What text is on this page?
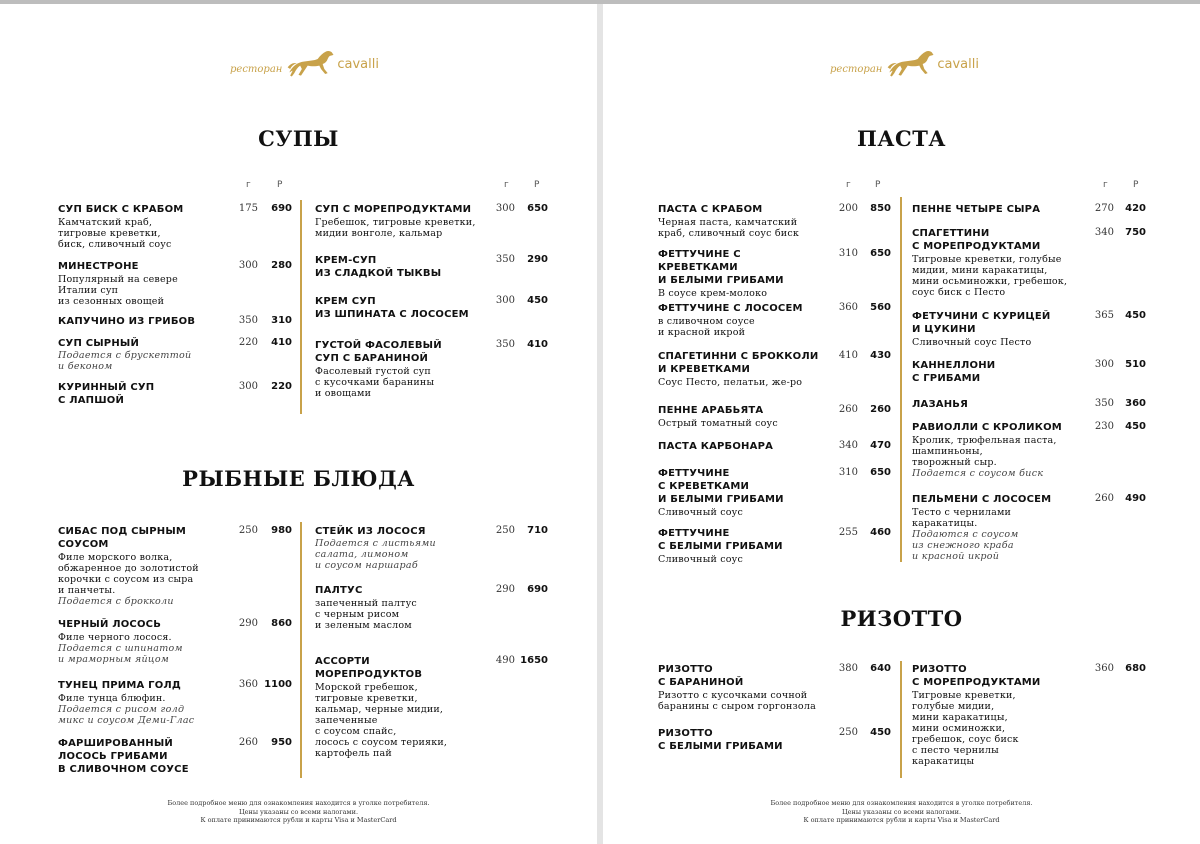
ресторан	cavalli
СУПЫ
г	Р	г	Р
РЫБНЫЕ БЛЮДА
Более подробное меню для ознакомления находится в уголке потребителя.
Цены указаны со всеми налогами.
К оплате принимаются рубли и карты Visa и MasterCard
СУП БИСК С КРАБОМ
Камчатский краб,
тигровые креветки,
биск, сливочный соус
175	690
МИНЕСТРОНЕ
Популярный на севере
Италии суп
из сезонных овощей
300	280
КАПУЧИНО ИЗ ГРИБОВ	350	310
СУП СЫРНЫЙ
Подается с брускеттой
и беконом
220	410
КУРИННЫЙ СУП
С ЛАПШОЙ
300	220
СУП С МОРЕПРОДУКТАМИ
Гребешок, тигровые креветки,
мидии вонголе, кальмар
300	650
КРЕМ-СУП
ИЗ СЛАДКОЙ ТЫКВЫ
350	290
КРЕМ СУП
ИЗ ШПИНАТА С ЛОСОСЕМ
300	450
ГУСТОЙ ФАСОЛЕВЫЙ
СУП С БАРАНИНОЙ
Фасолевый густой суп
с кусочками баранины
и овощами
350	410
СИБАС ПОД СЫРНЫМ
СОУСОМ
Филе морского волка,
обжаренное до золотистой
корочки с соусом из сыра
и панчеты.
Подается с брокколи
250	980
ЧЕРНЫЙ ЛОСОСЬ
Филе черного лосося.
Подается с шпинатом
и мраморным яйцом
290	860
ТУНЕЦ ПРИМА ГОЛД
Филе тунца блюфин.
Подается с рисом голд
микс и соусом Деми-Глас
360 1100
ФАРШИРОВАННЫЙ
ЛОСОСЬ ГРИБАМИ
В СЛИВОЧНОМ СОУСЕ
260	950
СТЕЙК ИЗ ЛОСОСЯ
Подается с листьями
салата, лимоном
и соусом наршараб
250	710
ПАЛТУС
запеченный палтус
с черным рисом
и зеленым маслом
290	690
АССОРТИ
МОРЕПРОДУКТОВ
Морской гребешок,
тигровые креветки,
кальмар, черные мидии,
запеченные
с соусом спайс,
лосось с соусом терияки,
картофель пай
490 1650
ресторан	cavalli
ПАСТА
г	Р	г	Р
РИЗОТТО
Более подробное меню для ознакомления находится в уголке потребителя.
Цены указаны со всеми налогами.
К оплате принимаются рубли и карты Visa и MasterCard
ПАСТА С КРАБОМ
Черная паста, камчатский
краб, сливочный соус биск
200	850
ФЕТТУЧИНЕ С КРЕВЕТКАМИ
И БЕЛЫМИ ГРИБАМИ
В соусе крем-молоко
310	650
ФЕТТУЧИНЕ С ЛОСОСЕМ
в сливочном соусе
и красной икрой
360	560
СПАГЕТИННИ С БРОККОЛИ
И КРЕВЕТКАМИ
Соус Песто, пелатьи, же-ро
410	430
ПЕННЕ АРАБЬЯТА
Острый томатный соус
260	260
ПАСТА КАРБОНАРА	340	470
ФЕТТУЧИНЕ
С КРЕВЕТКАМИ
И БЕЛЫМИ ГРИБАМИ
Сливочный соус
310	650
ФЕТТУЧИНЕ
С БЕЛЫМИ ГРИБАМИ
Сливочный соус
255	460
ПЕННЕ ЧЕТЫРЕ СЫРА	270	420
СПАГЕТТИНИ
С МОРЕПРОДУКТАМИ
Тигровые креветки, голубые
мидии, мини каракатицы,
мини осьминожки, гребешок,
соус биск с Песто
340	750
ФЕТУЧИНИ С КУРИЦЕЙ
И ЦУКИНИ
Сливочный соус Песто
365	450
КАННЕЛЛОНИ
С ГРИБАМИ
300	510
ЛАЗАНЬЯ	350	360
РАВИОЛЛИ С КРОЛИКОМ
Кролик, трюфельная паста,
шампиньоны,
творожный сыр.
Подается с соусом биск
230	450
ПЕЛЬМЕНИ С ЛОСОСЕМ
Тесто с чернилами
каракатицы.
Подаются с соусом
из снежного краба
и красной икрой
260	490
РИЗОТТО
С БАРАНИНОЙ
Ризотто с кусочками сочной
баранины с сыром горгонзола
380	640
РИЗОТТО
С БЕЛЫМИ ГРИБАМИ
250	450
РИЗОТТО
С МОРЕПРОДУКТАМИ
Тигровые креветки,
голубые мидии,
мини каракатицы,
мини осминожки,
гребешок, соус биск
с песто чернилы
каракатицы
360	680
